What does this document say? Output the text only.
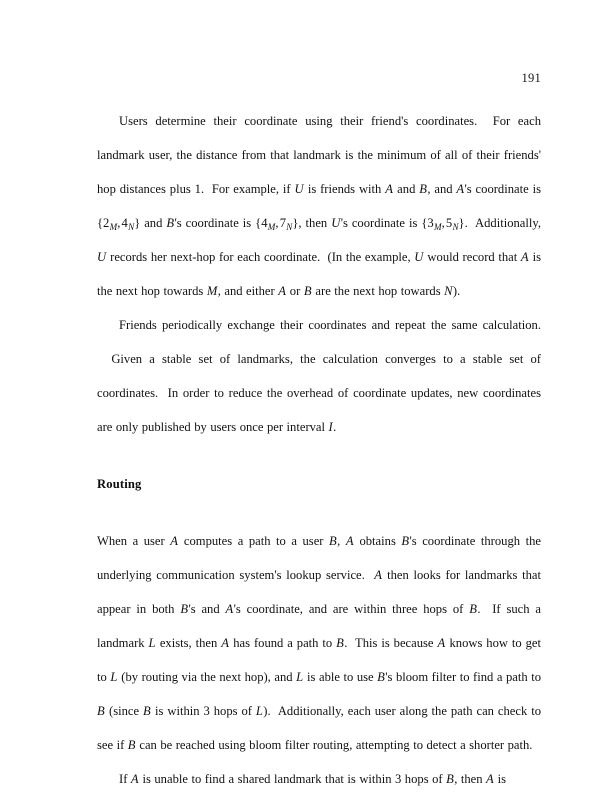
191

Users determine their coordinate using their friend's coordinates. For each landmark user, the distance from that landmark is the minimum of all of their friends' hop distances plus 1. For example, if U is friends with A and B, and A's coordinate is $\{2_M,4_N\}$ and B's coordinate is $\{4_M,7_N\}$, then U's coordinate is $\{3_M,5_N\}$. Additionally, U records her next-hop for each coordinate. (In the example, U would record that A is the next hop towards M, and either A or B are the next hop towards N).

Friends periodically exchange their coordinates and repeat the same calculation.  Given a stable set of landmarks, the calculation converges to a stable set of coordinates. In order to reduce the overhead of coordinate updates, new coordinates are only published by users once per interval I.

Routing

When a user A computes a path to a user B, A obtains B's coordinate through the underlying communication system's lookup service. A then looks for landmarks that appear in both B's and A's coordinate, and are within three hops of B. If such a landmark L exists, then A has found a path to B. This is because A knows how to get to L (by routing via the next hop), and L is able to use B's bloom filter to find a path to B (since B is within 3 hops of L). Additionally, each user along the path can check to see if B can be reached using bloom filter routing, attempting to detect a shorter path.

If A is unable to find a shared landmark that is within 3 hops of B, then A is
